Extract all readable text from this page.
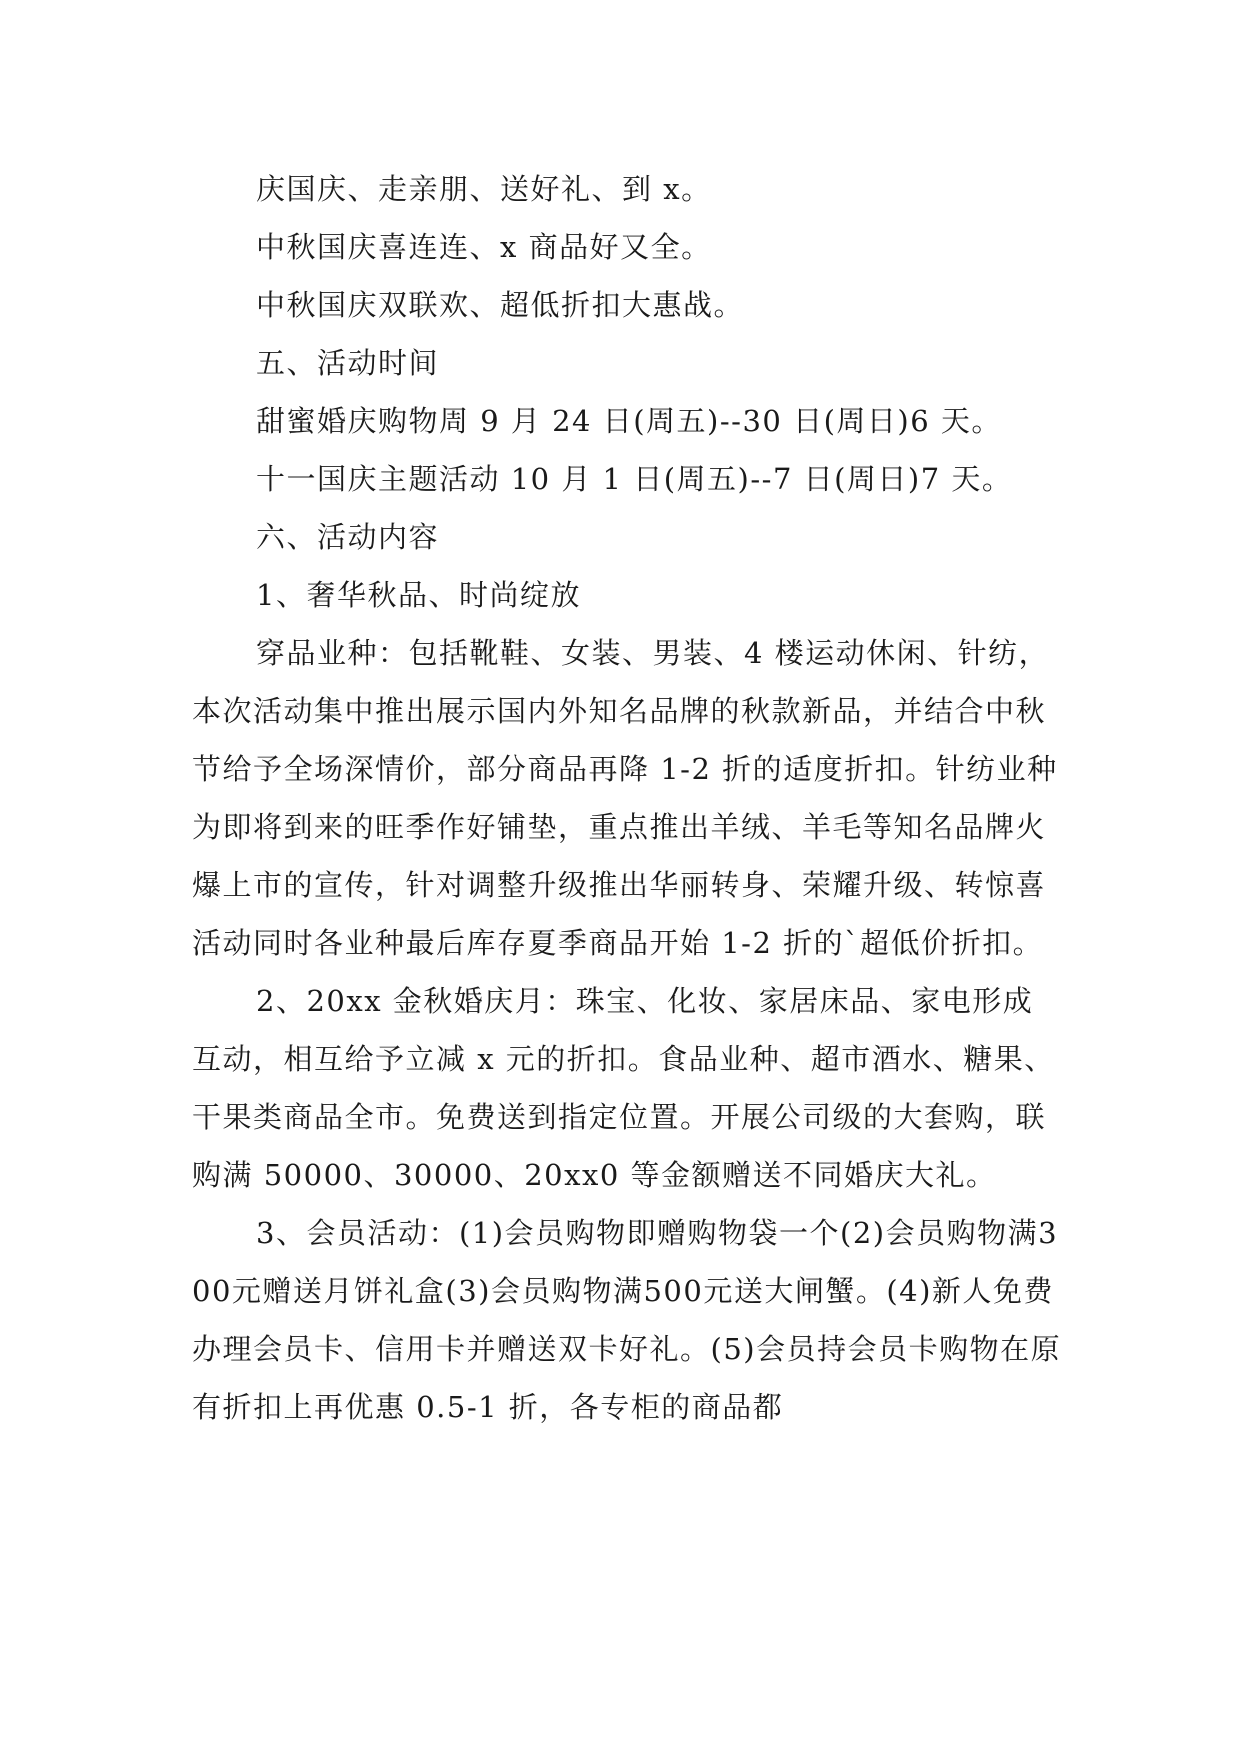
庆国庆、走亲朋、送好礼、到 x。

中秋国庆喜连连、x 商品好又全。

中秋国庆双联欢、超低折扣大惠战。

五、活动时间

甜蜜婚庆购物周 9 月 24 日(周五)--30 日(周日)6 天。

十一国庆主题活动 10 月 1 日(周五)--7 日(周日)7 天。

六、活动内容

1、奢华秋品、时尚绽放

穿品业种：包括靴鞋、女装、男装、4 楼运动休闲、针纺，本次活动集中推出展示国内外知名品牌的秋款新品，并结合中秋节给予全场深情价，部分商品再降 1-2 折的适度折扣。针纺业种为即将到来的旺季作好铺垫，重点推出羊绒、羊毛等知名品牌火爆上市的宣传，针对调整升级推出华丽转身、荣耀升级、转惊喜活动同时各业种最后库存夏季商品开始 1-2 折的`超低价折扣。

2、20xx 金秋婚庆月：珠宝、化妆、家居床品、家电形成互动，相互给予立减 x 元的折扣。食品业种、超市酒水、糖果、干果类商品全市。免费送到指定位置。开展公司级的大套购，联购满 50000、30000、20xx0 等金额赠送不同婚庆大礼。

3、会员活动：(1)会员购物即赠购物袋一个(2)会员购物满300元赠送月饼礼盒(3)会员购物满500元送大闸蟹。(4)新人免费办理会员卡、信用卡并赠送双卡好礼。(5)会员持会员卡购物在原有折扣上再优惠 0.5-1 折，各专柜的商品都
